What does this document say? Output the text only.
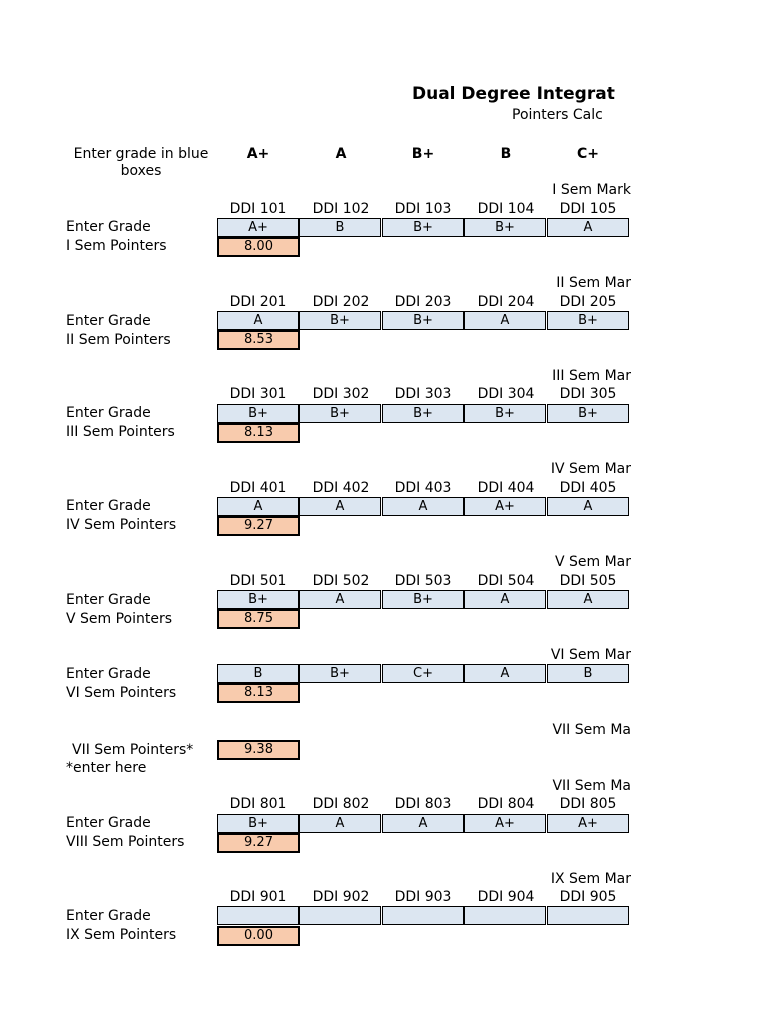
Dual Degree Integrat
Pointers Calc
Enter grade in blue boxes
A+	A	B+	B	C+
I Sem Mark
DDI 101	DDI 102	DDI 103	DDI 104	DDI 105
Enter Grade	A+	B	B+	B+	A
I Sem Pointers	8.00
II Sem Mar
DDI 201	DDI 202	DDI 203	DDI 204	DDI 205
Enter Grade	A	B+	B+	A	B+
II Sem Pointers	8.53
III Sem Mar
DDI 301	DDI 302	DDI 303	DDI 304	DDI 305
Enter Grade	B+	B+	B+	B+	B+
III Sem Pointers	8.13
IV Sem Mar
DDI 401	DDI 402	DDI 403	DDI 404	DDI 405
Enter Grade	A	A	A	A+	A
IV Sem Pointers	9.27
V Sem Mar
DDI 501	DDI 502	DDI 503	DDI 504	DDI 505
Enter Grade	B+	A	B+	A	A
V Sem Pointers	8.75
VI Sem Mar
Enter Grade	B	B+	C+	A	B
VI Sem Pointers	8.13
VII Sem Ma
VII Sem Pointers*	9.38
*enter here
VII Sem Ma
DDI 801	DDI 802	DDI 803	DDI 804	DDI 805
Enter Grade	B+	A	A	A+	A+
VIII Sem Pointers	9.27
IX Sem Mar
DDI 901	DDI 902	DDI 903	DDI 904	DDI 905
Enter Grade
IX Sem Pointers	0.00
